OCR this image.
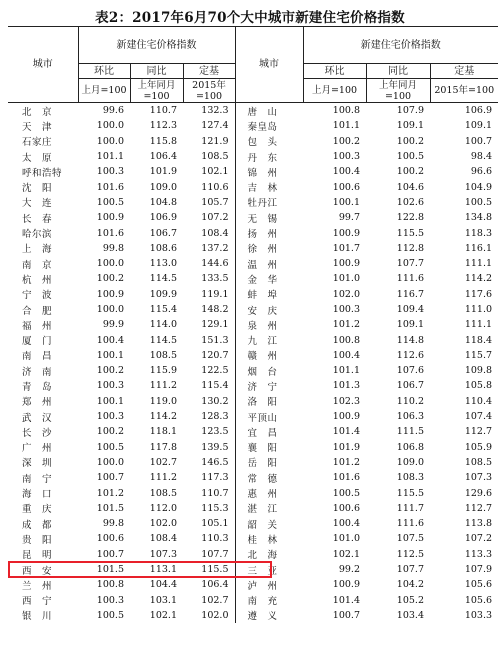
表2：2017年6月70个大中城市新建住宅价格指数
城市	新建住宅价格指数			城市	新建住宅价格指数		
	环比	同比	定基		环比	同比	定基
	上月=100	上年同月=100	2015年=100		上月=100	上年同月=100	2015年=100
北　京	99.6	110.7	132.3	唐　山	100.8	107.9	106.9
天　津	100.0	112.3	127.4	秦皇岛	101.1	109.1	109.1
石家庄	100.0	115.8	121.9	包　头	100.2	100.2	100.7
太　原	101.1	106.4	108.5	丹　东	100.3	100.5	98.4
呼和浩特	100.3	101.9	102.1	锦　州	100.4	100.2	96.6
沈　阳	101.6	109.0	110.6	吉　林	100.6	104.6	104.9
大　连	100.5	104.8	105.7	牡丹江	100.1	102.6	100.5
长　春	100.9	106.9	107.2	无　锡	99.7	122.8	134.8
哈尔滨	101.6	106.7	108.4	扬　州	100.9	115.5	118.3
上　海	99.8	108.6	137.2	徐　州	101.7	112.8	116.1
南　京	100.0	113.0	144.6	温　州	100.9	107.7	111.1
杭　州	100.2	114.5	133.5	金　华	101.0	111.6	114.2
宁　波	100.9	109.9	119.1	蚌　埠	102.0	116.7	117.6
合　肥	100.0	115.4	148.2	安　庆	100.3	109.4	111.0
福　州	99.9	114.0	129.1	泉　州	101.2	109.1	111.1
厦　门	100.4	114.5	151.3	九　江	100.8	114.8	118.4
南　昌	100.1	108.5	120.7	赣　州	100.4	112.6	115.7
济　南	100.2	115.9	122.5	烟　台	101.1	107.6	109.8
青　岛	100.3	111.2	115.4	济　宁	101.3	106.7	105.8
郑　州	100.1	119.0	130.2	洛　阳	102.3	110.2	110.4
武　汉	100.3	114.2	128.3	平顶山	100.9	106.3	107.4
长　沙	100.2	118.1	123.5	宜　昌	101.4	111.5	112.7
广　州	100.5	117.8	139.5	襄　阳	101.9	106.8	105.9
深　圳	100.0	102.7	146.5	岳　阳	101.2	109.0	108.5
南　宁	100.7	111.2	117.3	常　德	101.6	108.3	107.3
海　口	101.2	108.5	110.7	惠　州	100.5	115.5	129.6
重　庆	101.5	112.0	115.3	湛　江	100.6	111.7	112.7
成　都	99.8	102.0	105.1	韶　关	100.4	111.6	113.8
贵　阳	100.6	108.4	110.3	桂　林	101.0	107.5	107.2
昆　明	100.7	107.3	107.7	北　海	102.1	112.5	113.3
西　安	101.5	113.1	115.5	三　亚	99.2	107.7	107.9
兰　州	100.8	104.4	106.4	泸　州	100.9	104.2	105.6
西　宁	100.3	103.1	102.7	南　充	101.4	105.2	105.6
银　川	100.5	102.1	102.0	遵　义	100.7	103.4	103.3
